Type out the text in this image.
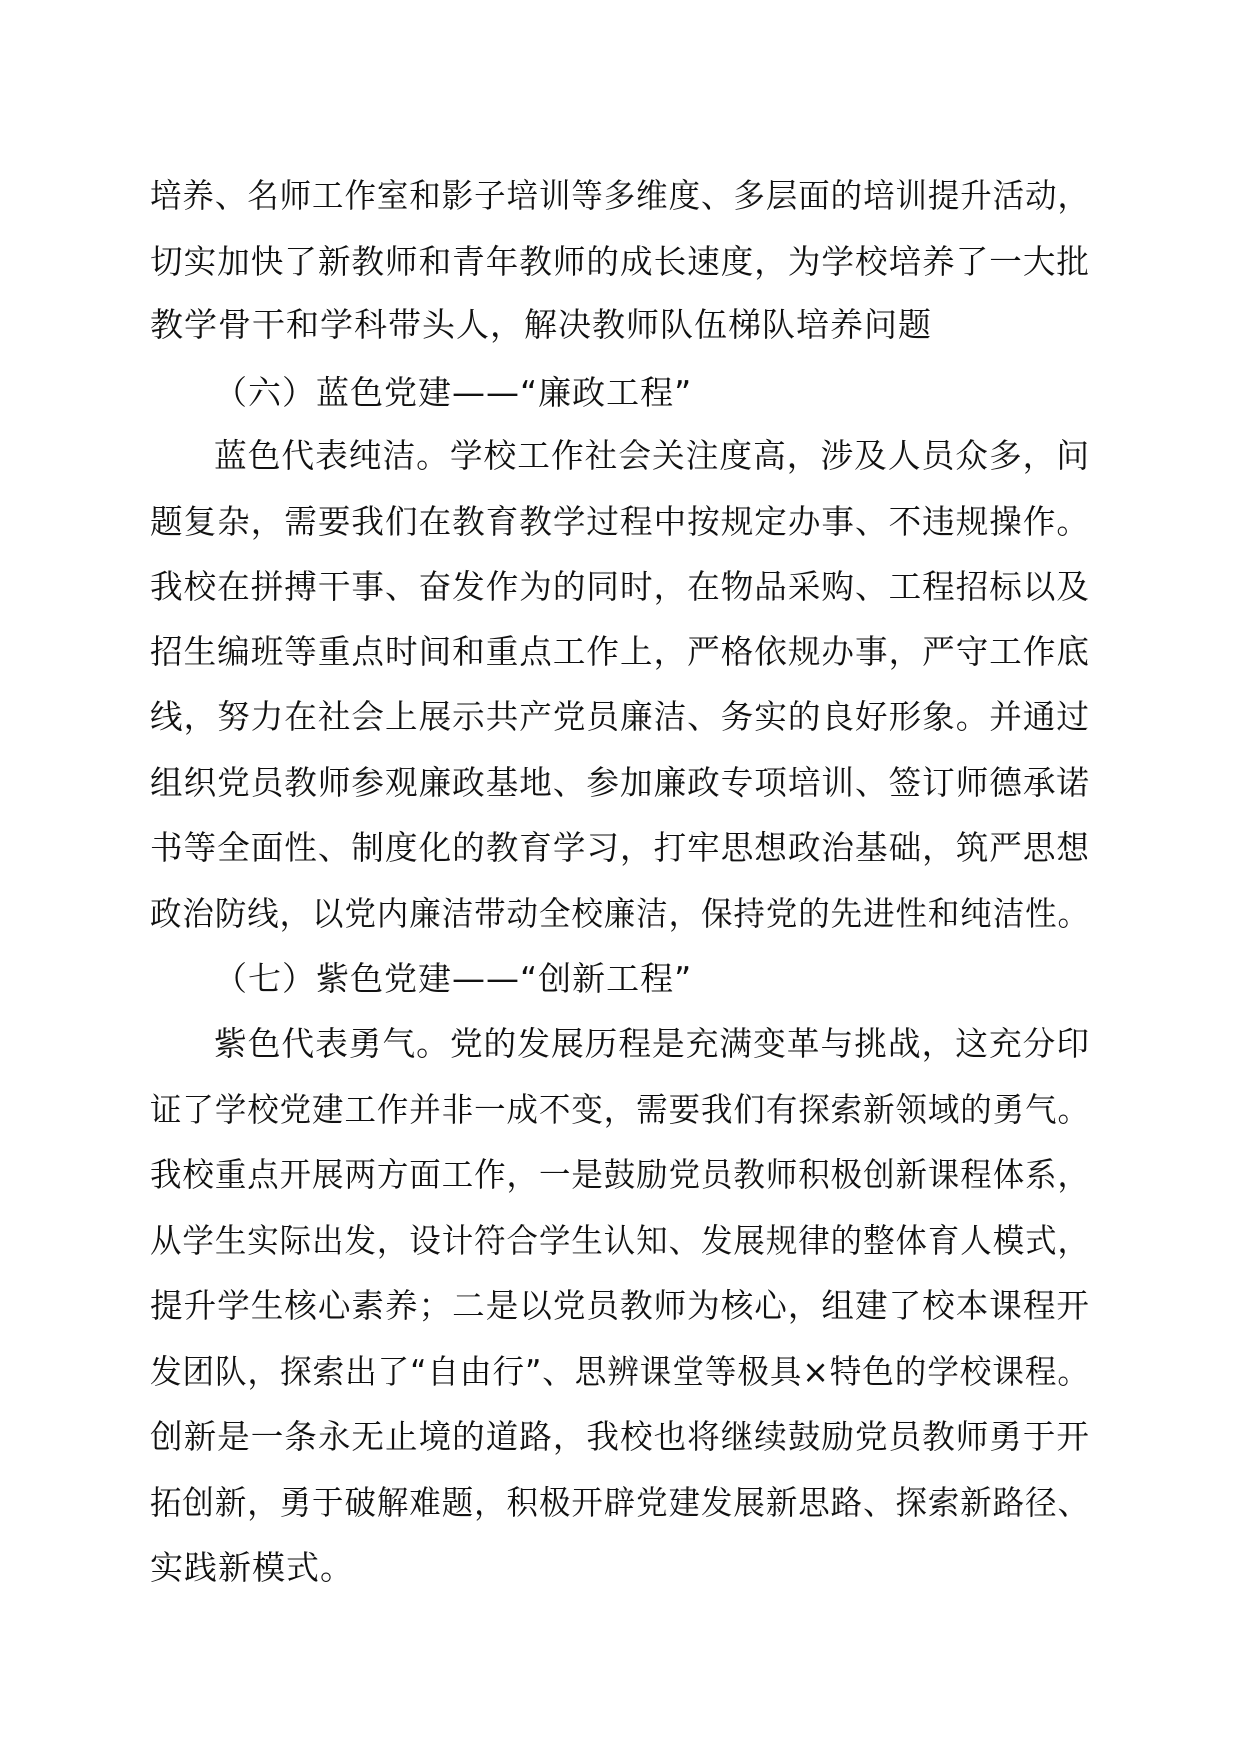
培养、名师工作室和影子培训等多维度、多层面的培训提升活动，
切实加快了新教师和青年教师的成长速度，为学校培养了一大批
教学骨干和学科带头人，解决教师队伍梯队培养问题
（六）蓝色党建——“廉政工程”
蓝色代表纯洁。学校工作社会关注度高，涉及人员众多，问
题复杂，需要我们在教育教学过程中按规定办事、不违规操作。
我校在拼搏干事、奋发作为的同时，在物品采购、工程招标以及
招生编班等重点时间和重点工作上，严格依规办事，严守工作底
线，努力在社会上展示共产党员廉洁、务实的良好形象。并通过
组织党员教师参观廉政基地、参加廉政专项培训、签订师德承诺
书等全面性、制度化的教育学习，打牢思想政治基础，筑严思想
政治防线，以党内廉洁带动全校廉洁，保持党的先进性和纯洁性。
（七）紫色党建——“创新工程”
紫色代表勇气。党的发展历程是充满变革与挑战，这充分印
证了学校党建工作并非一成不变，需要我们有探索新领域的勇气。
我校重点开展两方面工作，一是鼓励党员教师积极创新课程体系，
从学生实际出发，设计符合学生认知、发展规律的整体育人模式，
提升学生核心素养；二是以党员教师为核心，组建了校本课程开
发团队，探索出了“自由行”、思辨课堂等极具×特色的学校课程。
创新是一条永无止境的道路，我校也将继续鼓励党员教师勇于开
拓创新，勇于破解难题，积极开辟党建发展新思路、探索新路径、
实践新模式。
